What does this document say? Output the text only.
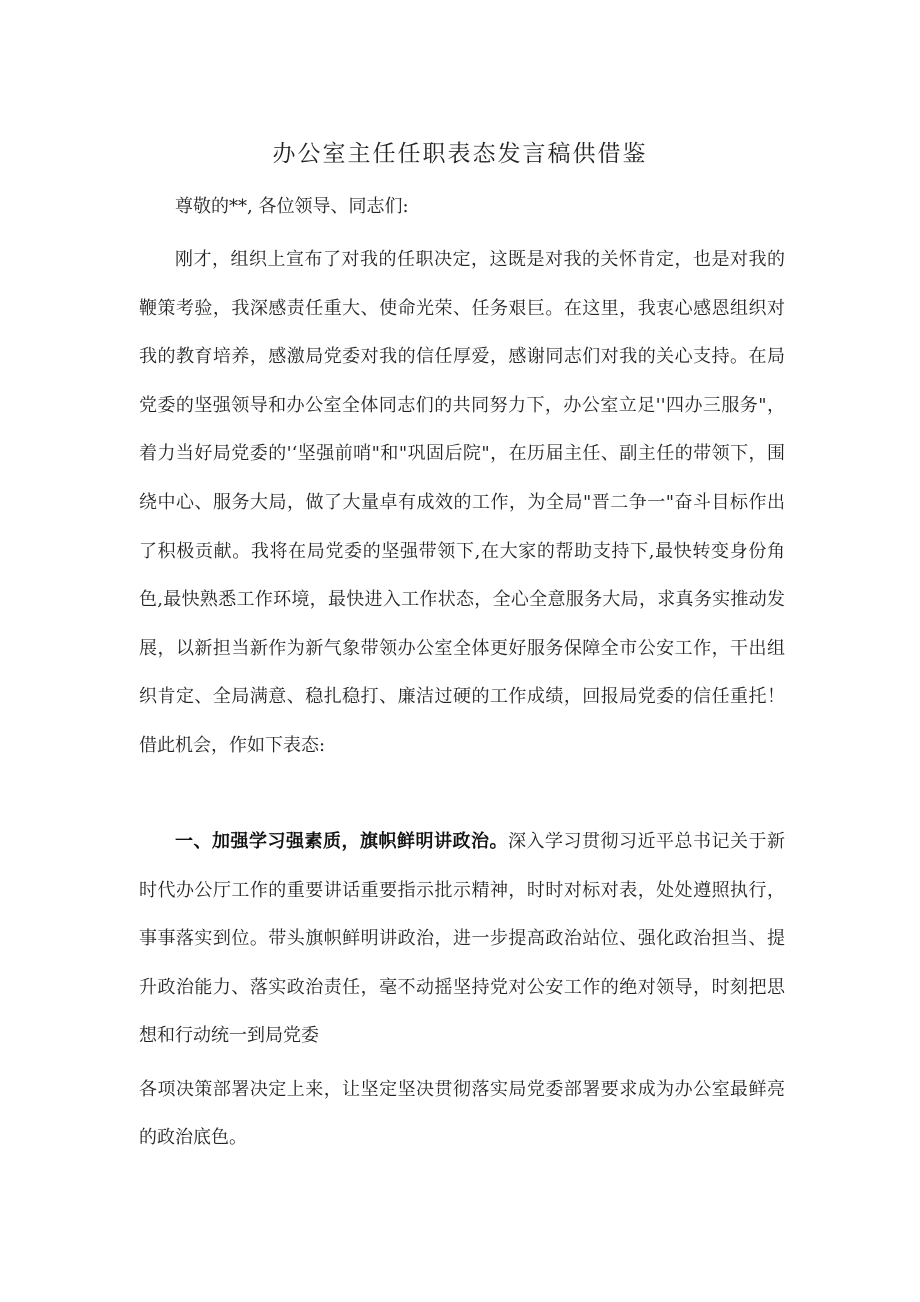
办公室主任任职表态发言稿供借鉴

尊敬的**, 各位领导、同志们:

刚才，组织上宣布了对我的任职决定，这既是对我的关怀肯定，也是对我的鞭策考验，我深感责任重大、使命光荣、任务艰巨。在这里，我衷心感恩组织对我的教育培养，感激局党委对我的信任厚爱，感谢同志们对我的关心支持。在局党委的坚强领导和办公室全体同志们的共同努力下，办公室立足''四办三服务"，着力当好局党委的'‘坚强前哨"和"巩固后院"，在历届主任、副主任的带领下，围绕中心、服务大局，做了大量卓有成效的工作，为全局"晋二争一"奋斗目标作出了积极贡献。我将在局党委的坚强带领下,在大家的帮助支持下,最快转变身份角色,最快熟悉工作环境，最快进入工作状态，全心全意服务大局，求真务实推动发展，以新担当新作为新气象带领办公室全体更好服务保障全市公安工作，干出组织肯定、全局满意、稳扎稳打、廉洁过硬的工作成绩，回报局党委的信任重托！借此机会，作如下表态:

一、加强学习强素质，旗帜鲜明讲政治。深入学习贯彻习近平总书记关于新时代办公厅工作的重要讲话重要指示批示精神，时时对标对表，处处遵照执行，事事落实到位。带头旗帜鲜明讲政治，进一步提高政治站位、强化政治担当、提升政治能力、落实政治责任，毫不动摇坚持党对公安工作的绝对领导，时刻把思想和行动统一到局党委

各项决策部署决定上来，让坚定坚决贯彻落实局党委部署要求成为办公室最鲜亮的政治底色。
